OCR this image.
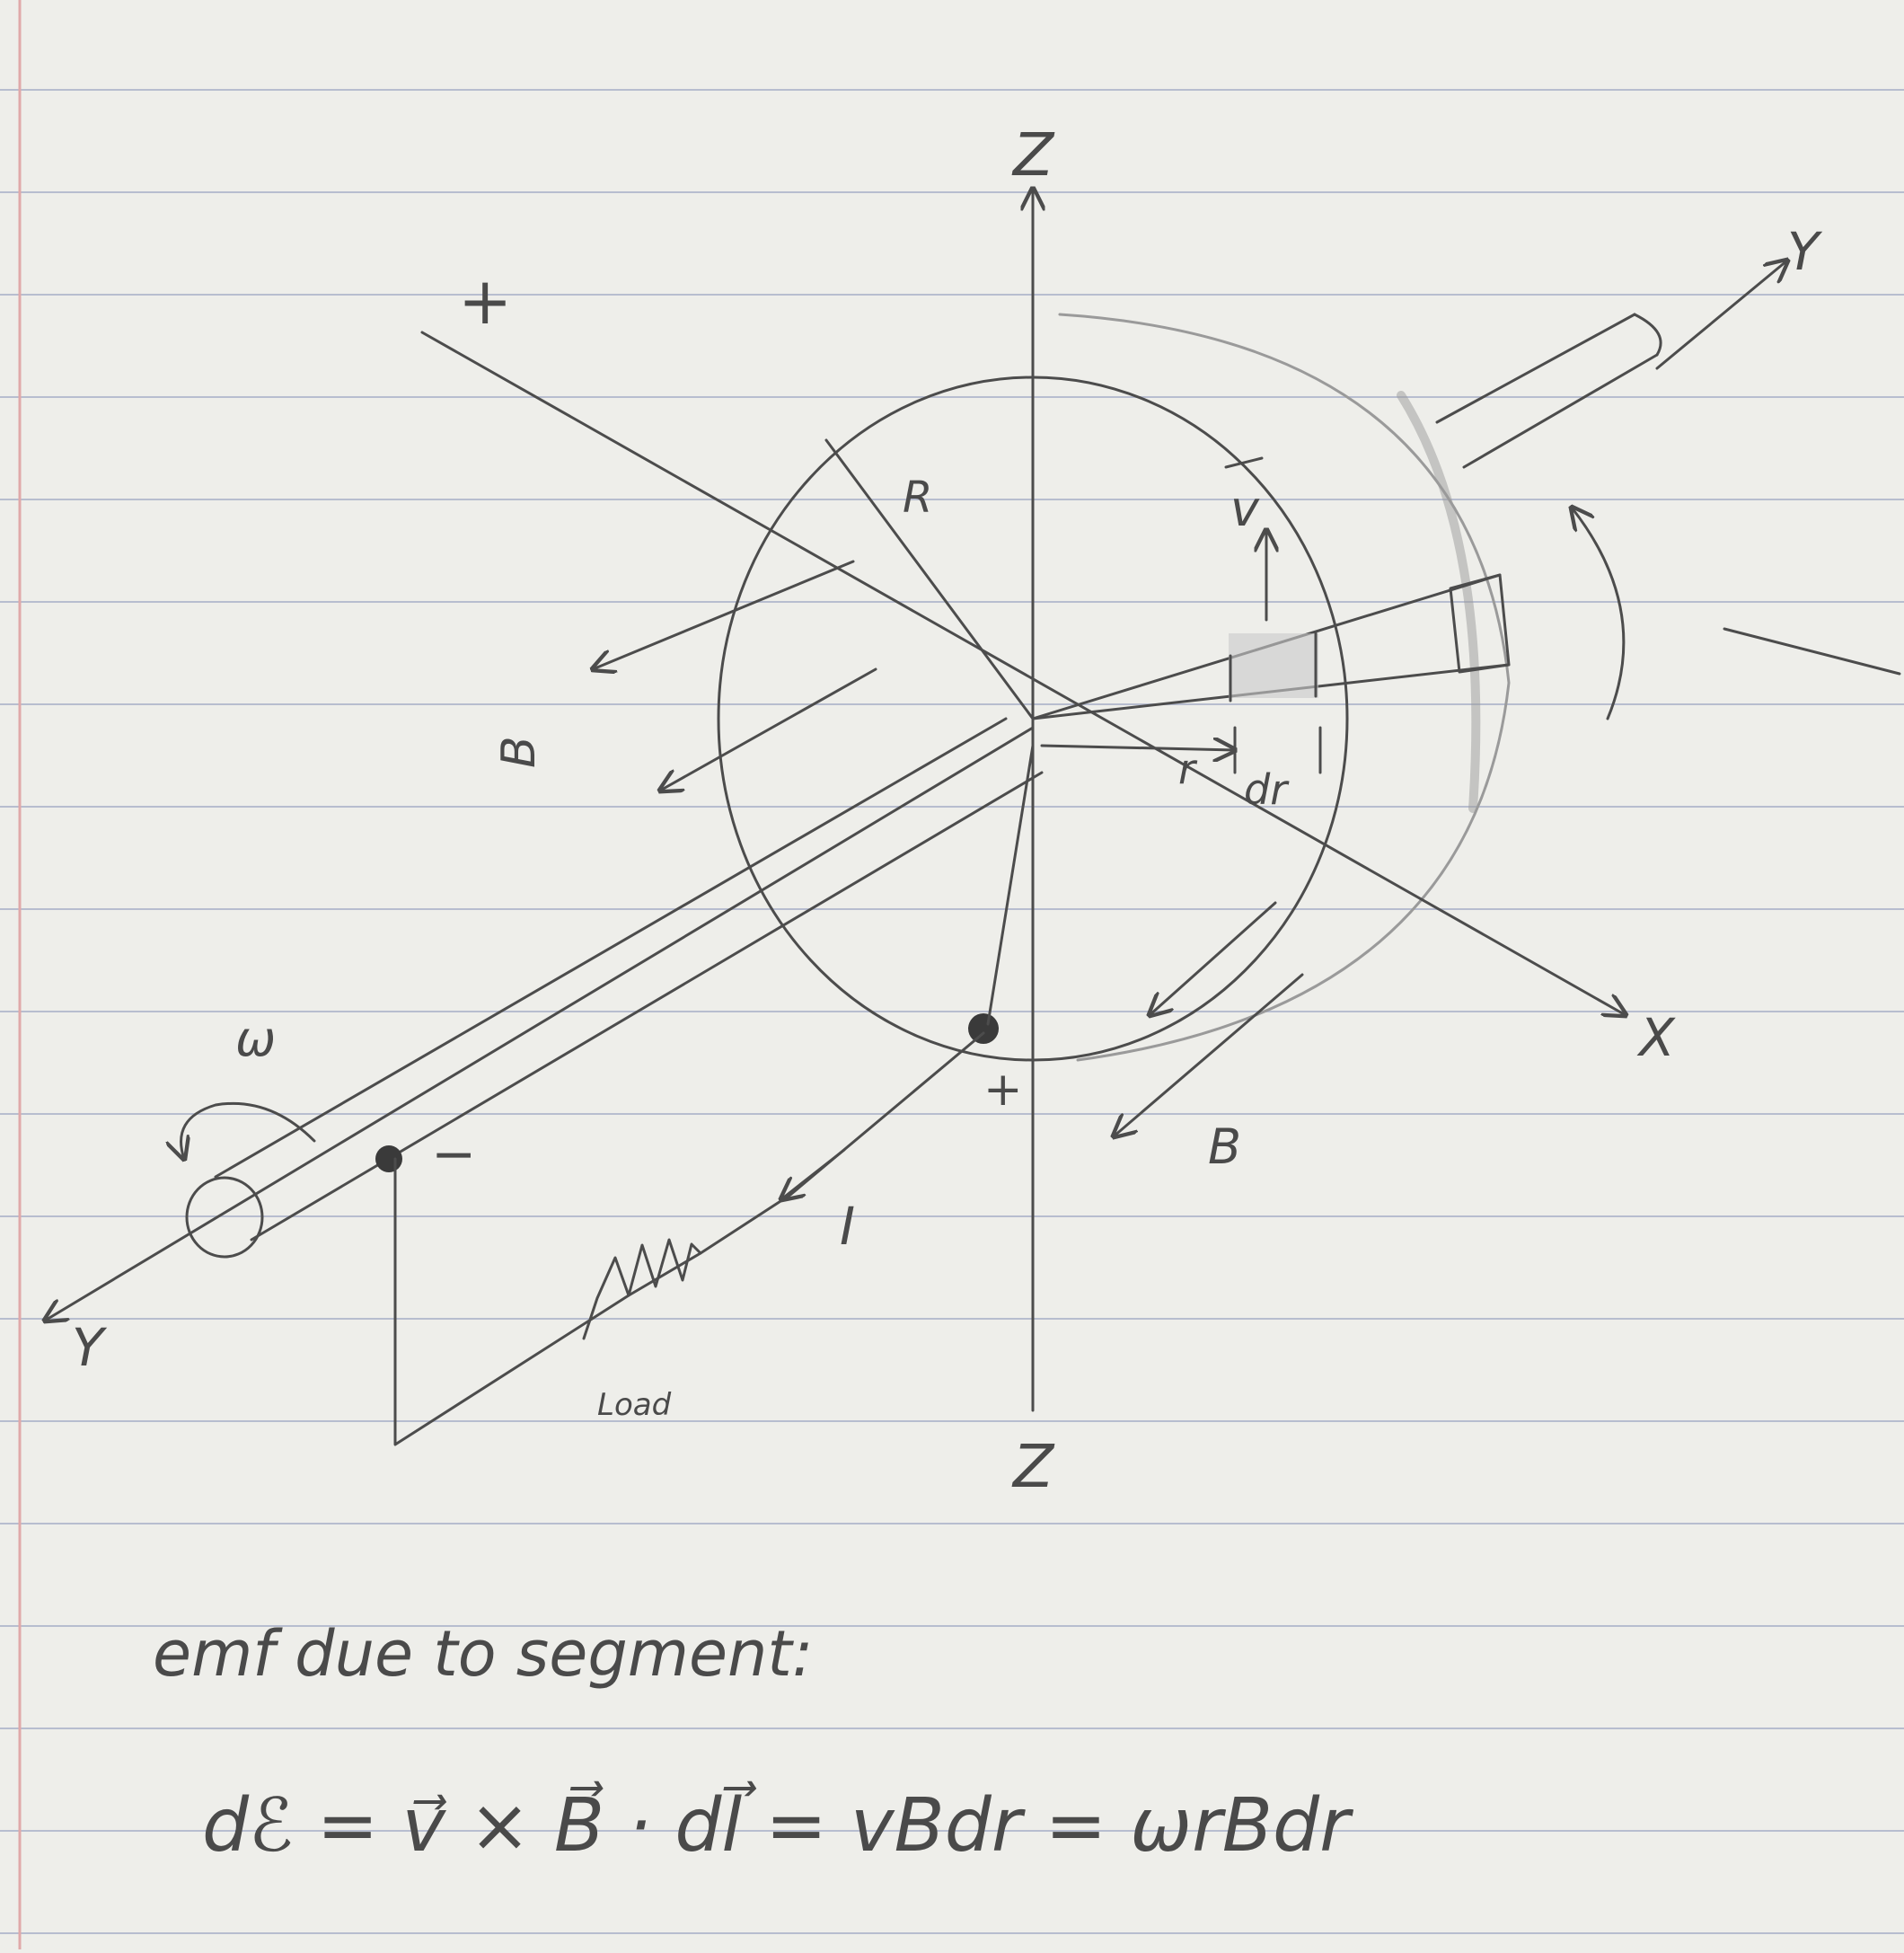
Z
Z
X
+
Y
Y
R
r dr
v
B
B
ω
−
+
I
Load
emf due to segment:
dℰ = v⃗ × B⃗ · dl⃗ = vBdr = ωrBdr
